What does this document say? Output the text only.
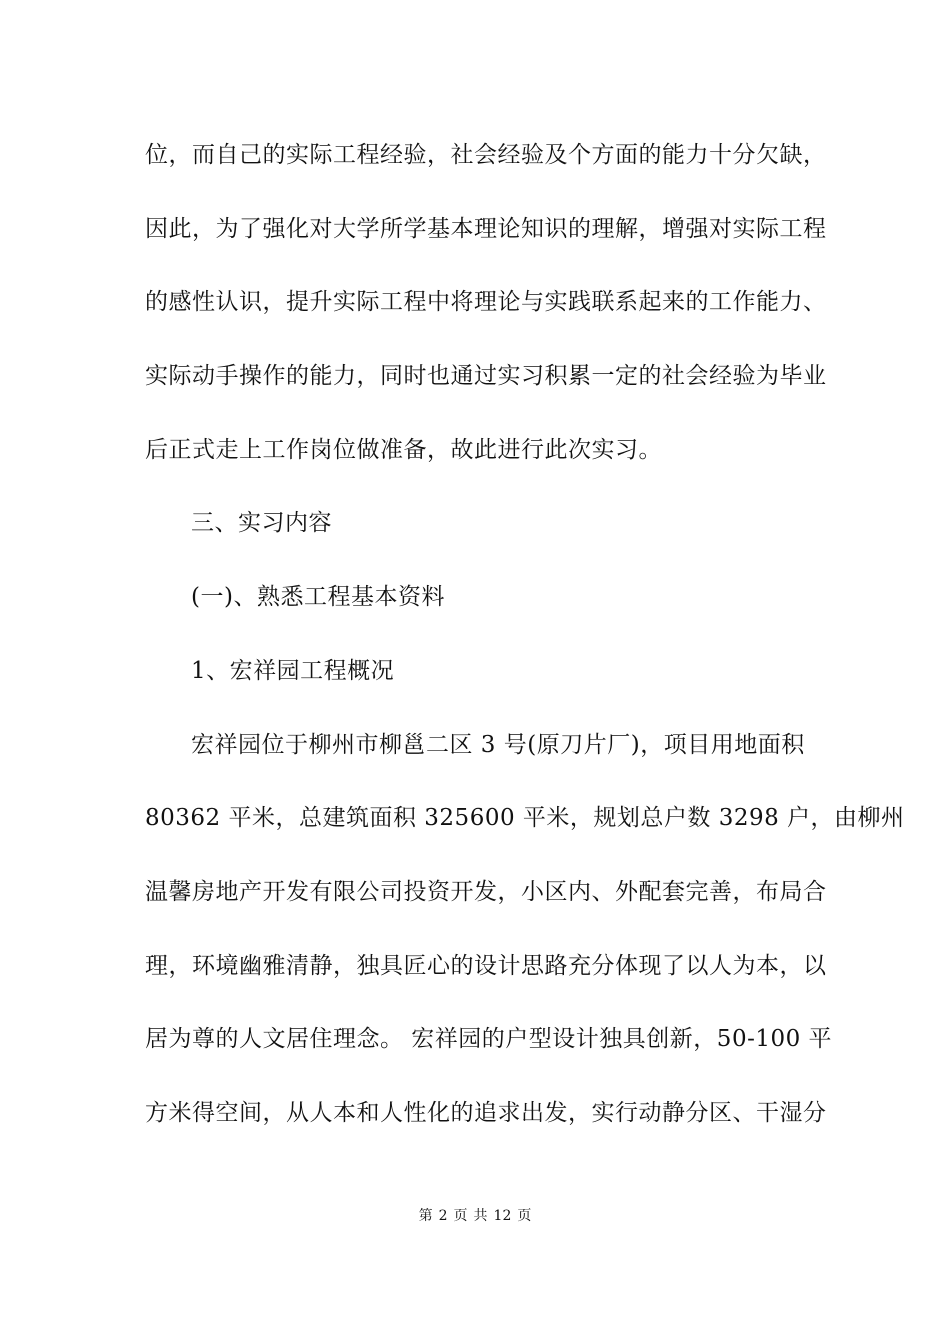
位，而自己的实际工程经验，社会经验及个方面的能力十分欠缺，
因此，为了强化对大学所学基本理论知识的理解，增强对实际工程
的感性认识，提升实际工程中将理论与实践联系起来的工作能力、
实际动手操作的能力，同时也通过实习积累一定的社会经验为毕业
后正式走上工作岗位做准备，故此进行此次实习。
三、实习内容
(一)、熟悉工程基本资料
1、宏祥园工程概况
宏祥园位于柳州市柳邕二区 3 号(原刀片厂)，项目用地面积
80362 平米，总建筑面积 325600 平米，规划总户数 3298 户，由柳州
温馨房地产开发有限公司投资开发，小区内、外配套完善，布局合
理，环境幽雅清静，独具匠心的设计思路充分体现了以人为本，以
居为尊的人文居住理念。 宏祥园的户型设计独具创新，50-100 平
方米得空间，从人本和人性化的追求出发，实行动静分区、干湿分
第 2 页 共 12 页
